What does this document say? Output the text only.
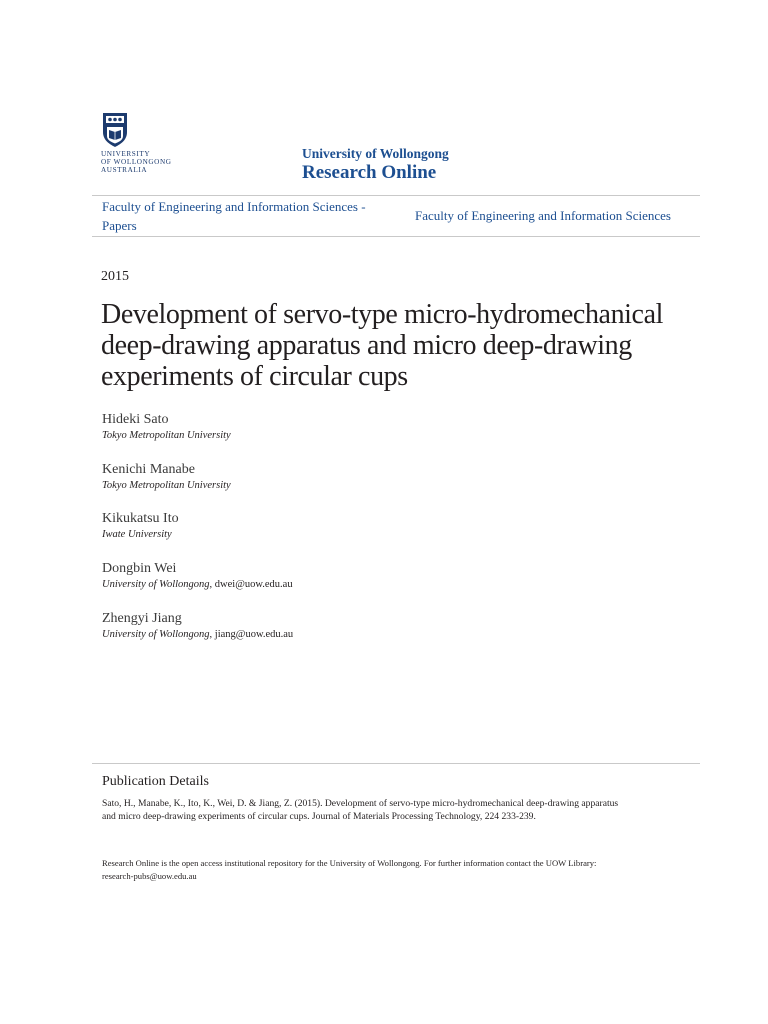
UNIVERSITY
OF WOLLONGONG
AUSTRALIA
University of Wollongong
Research Online
Faculty of Engineering and Information Sciences - Papers
Faculty of Engineering and Information Sciences
2015
Development of servo-type micro-hydromechanical deep-drawing apparatus and micro deep-drawing experiments of circular cups
Hideki Sato
Tokyo Metropolitan University
Kenichi Manabe
Tokyo Metropolitan University
Kikukatsu Ito
Iwate University
Dongbin Wei
University of Wollongong, dwei@uow.edu.au
Zhengyi Jiang
University of Wollongong, jiang@uow.edu.au
Publication Details
Sato, H., Manabe, K., Ito, K., Wei, D. & Jiang, Z. (2015). Development of servo-type micro-hydromechanical deep-drawing apparatus
and micro deep-drawing experiments of circular cups. Journal of Materials Processing Technology, 224 233-239.
Research Online is the open access institutional repository for the University of Wollongong. For further information contact the UOW Library:
research-pubs@uow.edu.au
